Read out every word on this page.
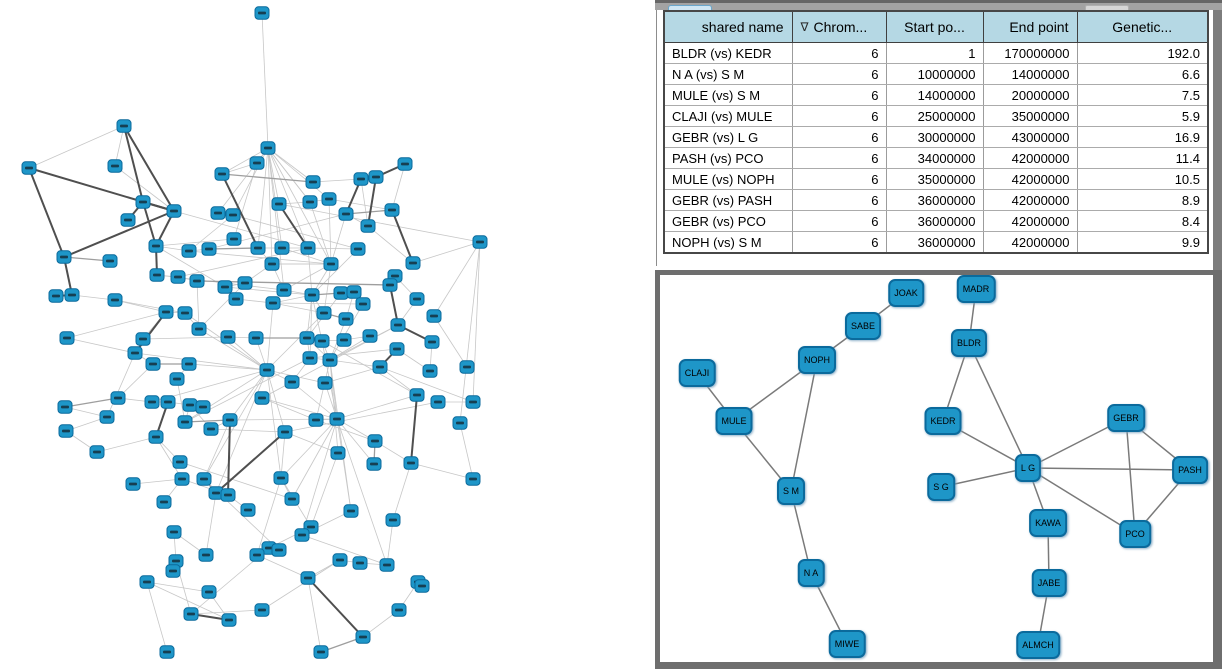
shared name	∇ Chrom...	Start po...	End point	Genetic...
BLDR (vs) KEDR	6	1	170000000	192.0
N A (vs) S M	6	10000000	14000000	6.6
MULE (vs) S M	6	14000000	20000000	7.5
CLAJI (vs) MULE	6	25000000	35000000	5.9
GEBR (vs) L G	6	30000000	43000000	16.9
PASH (vs) PCO	6	34000000	42000000	11.4
MULE (vs) NOPH	6	35000000	42000000	10.5
GEBR (vs) PASH	6	36000000	42000000	8.9
GEBR (vs) PCO	6	36000000	42000000	8.4
NOPH (vs) S M	6	36000000	42000000	9.9
JOAK	MADR
SABE
NOPH
CLAJI
BLDR
MULE	KEDR	GEBR
L G
S G
PASH
KAWA
PCO
S M
N A
JABE
ALMCH
MIWE
